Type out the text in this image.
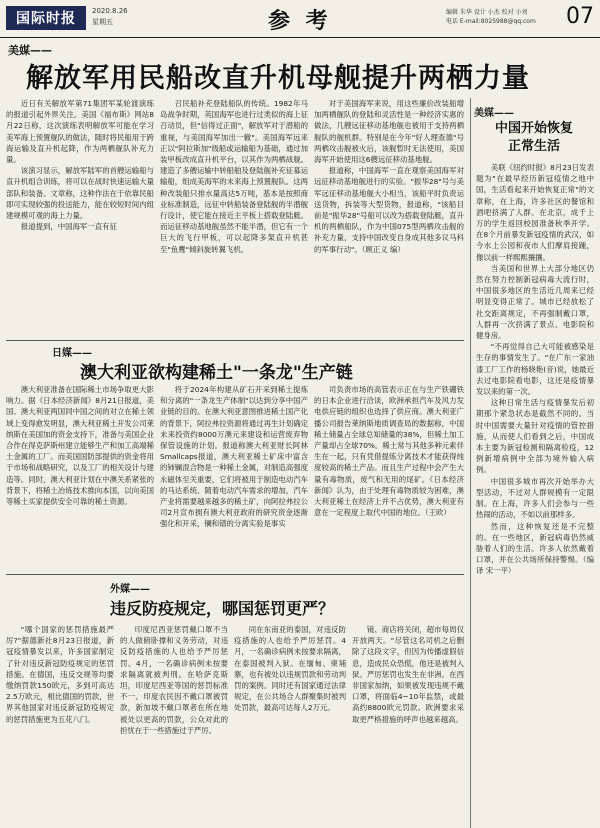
国际时报	2020.8.26
星期五	参 考	编辑 朱华 设计 小杰 校对 小刘
电话 E-mail:8025988@qq.com	07
美媒——
解放军用民船改直升机母舰提升两栖力量

近日有关解放军第71集团军某轮渡演练的报道引起外界关注。美国《福布斯》网站8月22日称，这次演练表明解放军可能在学习美军海上预置舰队的做法，随时将民船用于跨海运输及直升机起降，作为两栖舰队补充力量。

该演习显示，解放军陆军的首艘运输船与直升机组合训练，将可以在战时快速运输大量部队和装备。文章称，这种作法在于依靠民船即可实现较强的投送能力，能在较短时间内组建规模可观的海上力量。

报道提到，中国海军一直有征

召民船补充登陆船队的传统。1982年马岛战争时期，英国海军也进行过类似的海上征召动员，但"信得过正面"，解放军对于潜船的重视，与美国海军加出一辙"。美国海军远来正以"阿拉斯加"级船或运输船为基础，通过加装甲板改成直升机平台，以其作为两栖战舰。建造了多艘运输中转船舶及登陆舰补充征募运输船，组成美海军的未来海上预置舰队。这两种改装船只排水量高达5万吨，基本是按照商业标准制造，远征中转船装备登陆舰的半潜舰行设计，使它能在接近主平板上搭载登陆艇。而运征移动基地舰虽然不能半潜，但它有一个巨大的飞行甲板，可以起降多架直升机甚至"鱼鹰"倾斜旋转翼飞机。

对于美国海军来说，用这些廉价改装船增加两栖舰队的登陆和灵活性是一种经济实惠的做法，几艘远征移动基地舰也被用于支持两栖舰队的舰机群。特别是在今年"好人理查德"号两栖攻击舰被火后，该舰暂时无法使用，美国海军开始使用这6艘远征移动基地舰。

报道称，中国海军一直在观察美国海军对远征移动基地舰进行的实验。"振华28"号与美军远征移动基地舰大小相当，该船平时负责运送货物，拆装等大型货物，报道称，"该船目前是"振华28"号船可以改为搭载登陆艇，直升机的两栖船队，作为中国075型两栖攻击舰的补充力量，支持中国改变自身成其他多议马科的军事行动"。（顾正义 编）

日媒——
澳大利亚欲构建稀土"一条龙"生产链

澳大利亚准备在国际稀土市场争取更大影响力。据《日本经济新闻》8月21日报道，美国、澳大利亚两国同中国之间的对立在稀土领域上变得愈发明显，澳大利亚稀土开发公司莱纳斯在美国加的资金支持下，准备与美国企业合作在得克萨斯州建立能够生产和加工高端稀土金属的工厂。而美国国防部提供的资金将用于市场和战略研究，以及工厂的相关设计与建造等。同时，澳大利亚计划在中澳关系紧张的背景下，将稀土冶炼技术推向本国，以向美国等稀土买家提供安全可靠的稀土资源。

将于2024年构建从矿石开采到稀土提炼和分离的"一条龙生产体制"以达到分享中国产业链的目的。在澳大利亚意图推进稀土国产化的背景下，阿拉弗拉资源将通过再生计划确定未来投资约8000万澳元来建设和运营废弃物保管设施的计划。报道称澳大利亚财长阿林Smallcaps报道，澳大利亚稀土矿床中富含的铈镧混合物是一种稀土金属，对制造高强度永磁体至关重要，它们将被用于制造电动汽车的马达系统、随着电动汽车需求的增加，汽车产业将需要越来越多的稀土矿，向阿拉弗拉公司2月宣布拥有澳大利亚政府的研究资金逐渐强化和开采，镧和镨的分离实验是事实

司负责市场的高管表示正在与生产铁硼铁的日本企业进行洽谈，欧洲承担汽车及风力发电供应链的组织也选择了供应商。澳大利亚广播公司报告莱纳斯地质调查局的数据称，中国稀土储量占全球总知储量的38%，但稀土加工产量却占全球70%。稀土常与其他多种元素伴生在一起，只有凭借提炼分离技术才能获得纯度较高的稀土产品。而且生产过程中会产生大量有毒物质，废气和无用的尾矿。《日本经济新闻》认为，由于处理有毒物质较为困难，澳大利亚稀土在经济上并不占优势，澳大利亚有意在一定程度上取代中国的地位。（王欧）

外媒——
违反防疫规定，哪国惩罚更严？

"哪个国家的惩罚措施最严厉?"据德新社8月23日报道，新冠疫情暴发以来，许多国家制定了针对违反新冠防疫规定的惩罚措施。在德国，违反交规等均要缴纳罚款150欧元，多到可高达2.5万欧元，相比德国的罚款，世界其他国家对违反新冠防疫规定的惩罚措施更为五花八门。

印度尼西亚惩罚戴口罩不当的人做俯卧撑和义务劳动，对违反防疫措施的人也给予严厉惩罚。4月，一名确诊病例未按要求隔离就被判刑。在哈萨克斯坦，印度尼西亚等国的惩罚标准不一。印度农民因不戴口罩被罚款，新加坡不戴口罩者在所在地被处以更高的罚款，公众对此的担忧在于一些措施过于严厉。

同在东南亚的泰国，对违反防疫措施的人也给予严厉惩罚。4月，一名确诊病例未按要求隔离，在泰国被判入狱。在缅甸、柬埔寨，也有被处以违规罚款和劳动判罚的案例。同时还有国家通过法律规定，在公共场合人群聚集时被判处罚款，最高可达每人2万元。

镜、商店将关闭，超市每周仅开放两天。"尽管这名司机之后删除了这段文字，但因为传播虚假信息，造成民众恐慌，他还是被判入狱。严厉惩罚也发生在非洲。在西非国家加纳，如果被发现违规不戴口罩，将面临4~10年监禁，或最高约8800欧元罚款。欧洲要求采取更严格措施的呼声也越来越高。

美媒——
中国开始恢复
正常生活

美联《纽约时报》8月23日发表题为"在最早经历新冠疫情之地中国，生活看起来开始恢复正常"的文章称，在上海，许多社区的餐馆和酒吧挤满了人群。在北京，成千上万的学生返回校园准备秋季开学。在8个月前暴发新冠疫情的武汉，如今水上公园和夜市人们摩肩接踵，像以前一样熙熙攘攘。

当美国和世界上大部分地区仍然在努力控制新冠病毒大流行时，中国很多地区的生活近几周来已经明显变得正常了。城市已经放松了社交距离规定，不再强制戴口罩，人群再一次挤满了景点、电影院和健身房。

"不再觉得自己大可能被感染是生存的事情发生了。"在广东一家油漆工厂工作的杨晓艳(音)说，她最近去过电影院看电影，这还是疫情暴发以来的第一次。

这种日常生活与疫情暴发后初期那个紧急状态是截然不同的。当时中国需要大量针对疫情的管控措施，从而使人们看到之后，中国成本主要为新冠检测和隔离检疫，12例新增病例中全部为境外输入病例。

中国很多城市再次开始举办大型活动，不过对人群规模有一定限制。在上海，许多人们会参与一些热闹的活动，不如以前那样多。

然而，这种恢复还是不完整的。在一些地区，新冠病毒仍然威胁着人们的生活。许多人依然戴着口罩，并在公共场所保持警惕。（编译 宋一平）
